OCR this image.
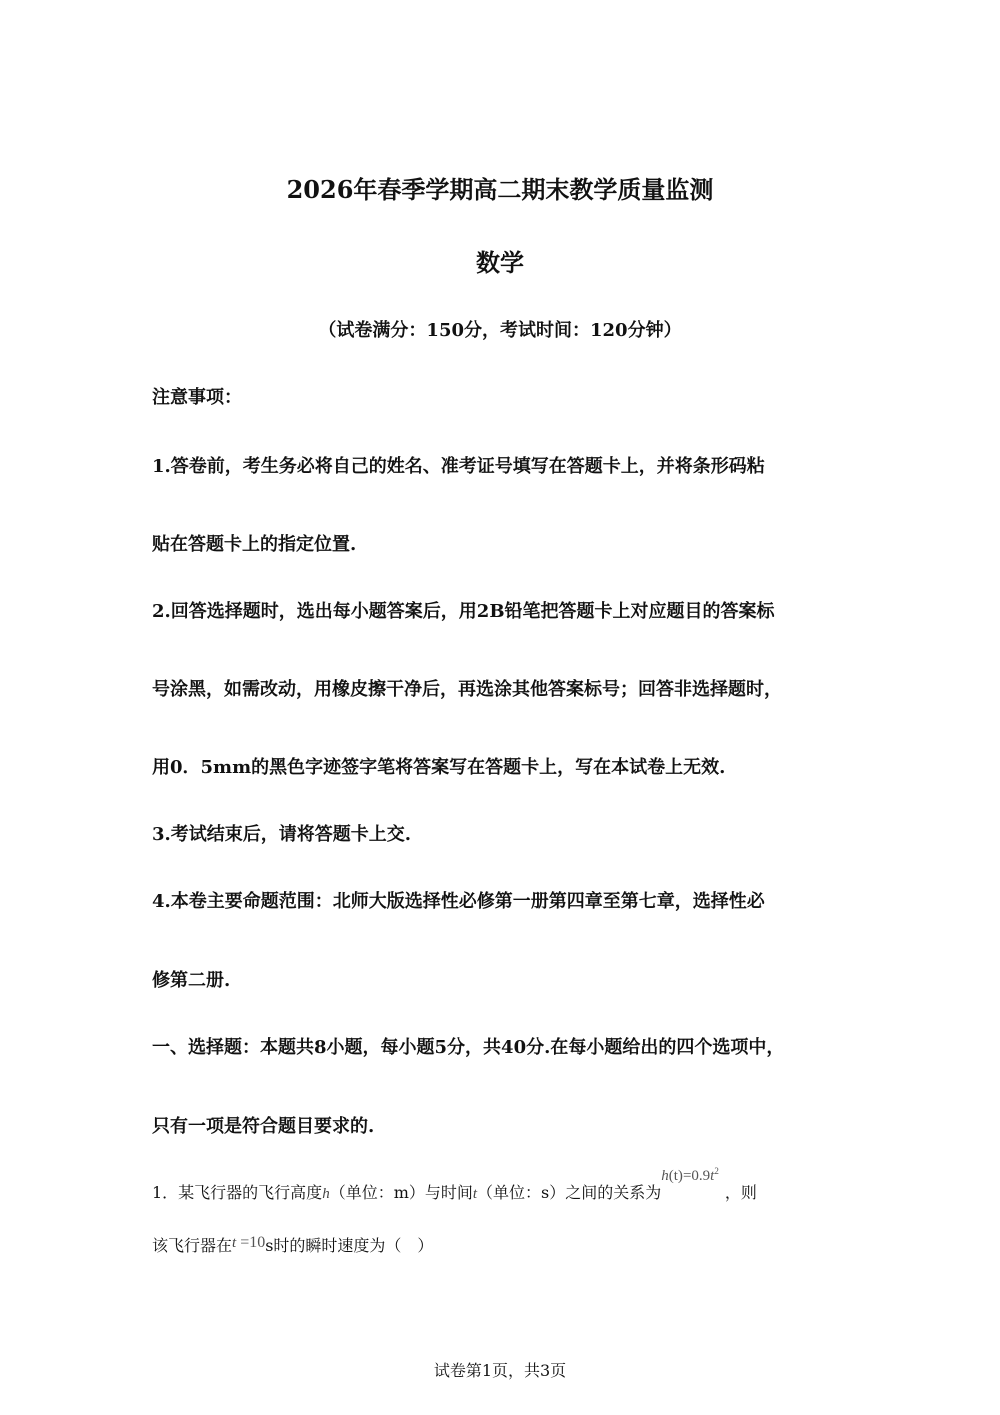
2026年春季学期高二期末教学质量监测
数学
（试卷满分：150分，考试时间：120分钟）
注意事项：
1.答卷前，考生务必将自己的姓名、准考证号填写在答题卡上，并将条形码粘
贴在答题卡上的指定位置.
2.回答选择题时，选出每小题答案后，用2B铅笔把答题卡上对应题目的答案标
号涂黑，如需改动，用橡皮擦干净后，再选涂其他答案标号；回答非选择题时，
用0．5mm的黑色字迹签字笔将答案写在答题卡上，写在本试卷上无效.
3.考试结束后，请将答题卡上交.
4.本卷主要命题范围：北师大版选择性必修第一册第四章至第七章，选择性必
修第二册.
一、选择题：本题共8小题，每小题5分，共40分.在每小题给出的四个选项中，
只有一项是符合题目要求的.
1．某飞行器的飞行高度h（单位：m）与时间t（单位：s）之间的关系为$h(t)=0.9t^2$，则
该飞行器在t =10s时的瞬时速度为（　）
试卷第1页，共3页
